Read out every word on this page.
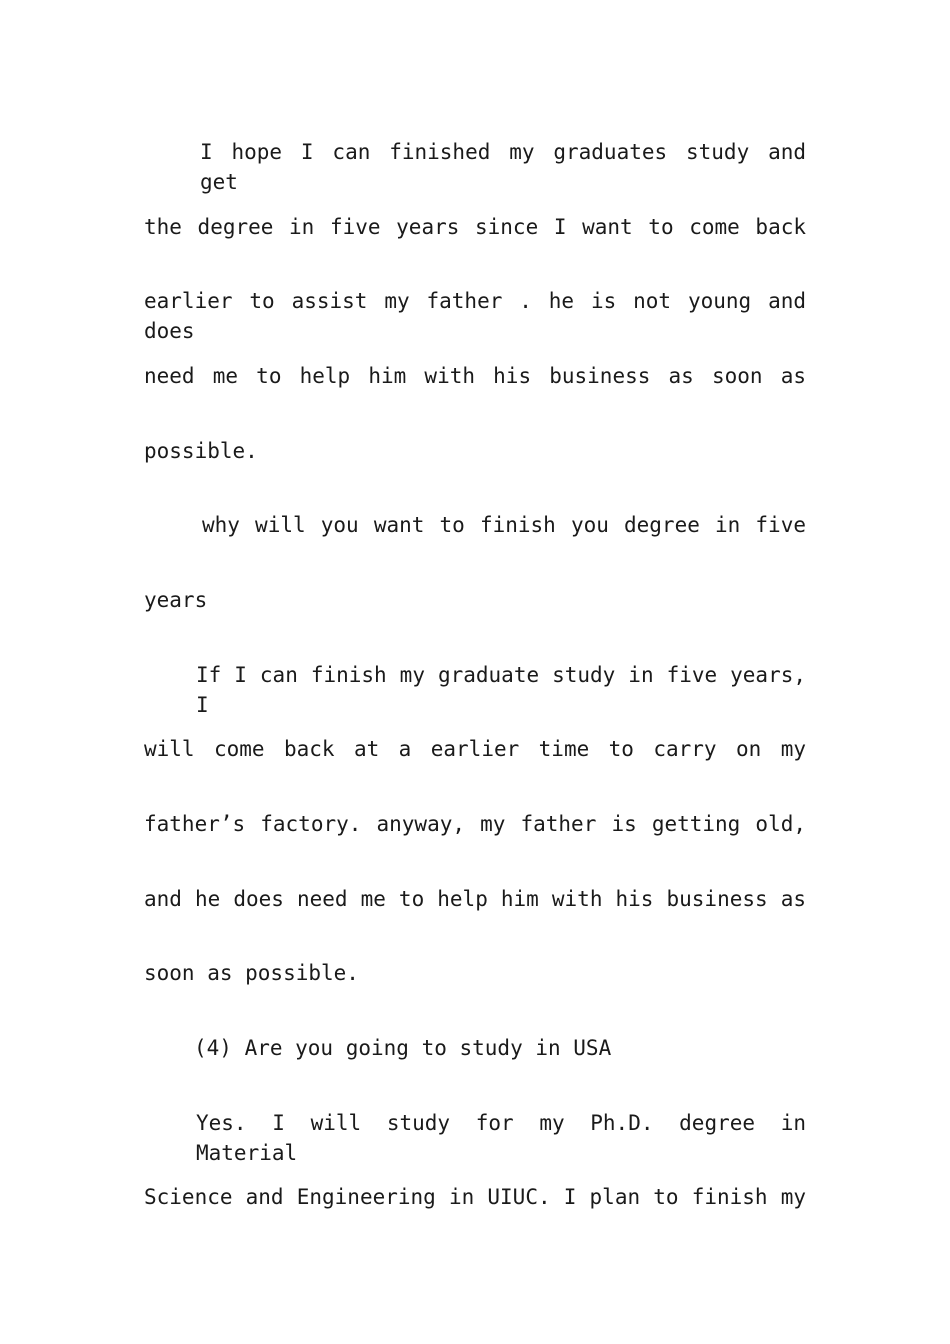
I hope I can finished my graduates study and get

the degree in five years since I want to come back

earlier to assist my father . he is not young and does

need me to help him with his business as soon as

possible.

why will you want to finish you degree in five

years

If I can finish my graduate study in five years, I

will come back at a earlier time to carry on my

father’s factory. anyway, my father is getting old,

and he does need me to help him with his business as

soon as possible.

(4) Are you going to study in USA

Yes. I will study for my Ph.D. degree in Material

Science and Engineering in UIUC. I plan to finish my
